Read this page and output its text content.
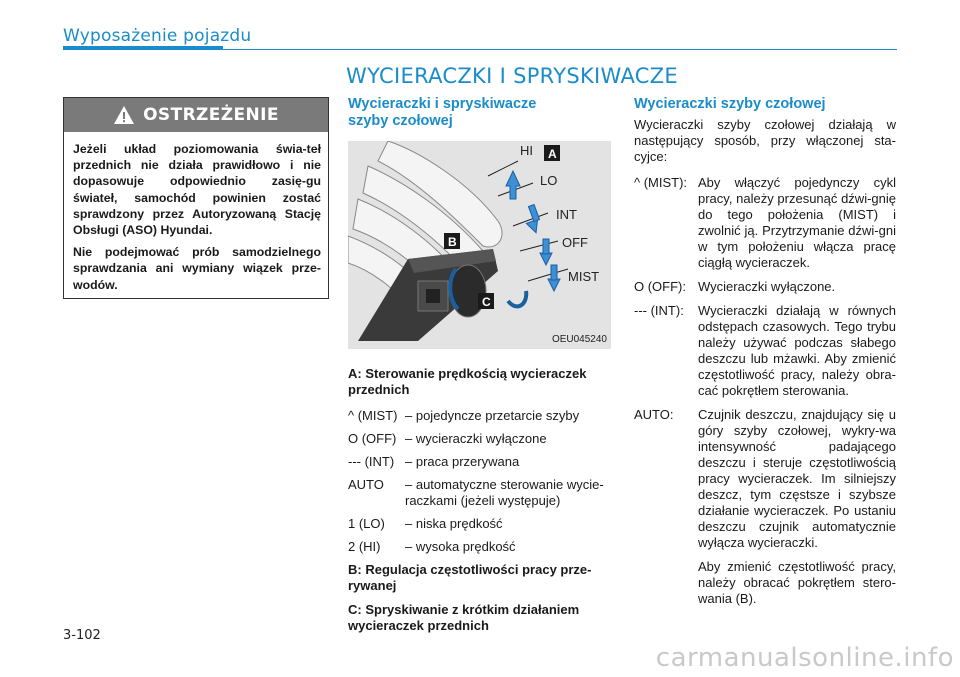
Wyposażenie pojazdu
WYCIERACZKI I SPRYSKIWACZE
OSTRZEŻENIE

Jeżeli układ poziomowania świa-teł przednich nie działa prawidłowo i nie dopasowuje odpowiednio zasię-gu świateł, samochód powinien zostać sprawdzony przez Autoryzowaną Stację Obsługi (ASO) Hyundai.

Nie podejmować prób samodzielnego sprawdzania ani wymiany wiązek prze-wodów.

Wycieraczki i spryskiwacze
szyby czołowej
HI
LO
INT
OFF
MIST
A
B
C
OEU045240
A: Sterowanie prędkością wycieraczek przednich
^ (MIST) – pojedyncze przetarcie szyby
O (OFF) – wycieraczki wyłączone
--- (INT) – praca przerywana
AUTO	– automatyczne sterowanie wycie-raczkami (jeżeli występuje)
1 (LO)	– niska prędkość
2 (HI)	– wysoka prędkość
B: Regulacja częstotliwości pracy prze-rywanej
C: Spryskiwanie z krótkim działaniem wycieraczek przednich
Wycieraczki szyby czołowej

Wycieraczki szyby czołowej działają w następujący sposób, przy włączonej sta-cyjce:

^ (MIST): Aby włączyć pojedynczy cykl pracy, należy przesunąć dźwi-gnię do tego położenia (MIST) i zwolnić ją. Przytrzymanie dźwi-gni w tym położeniu włącza pracę ciągłą wycieraczek.
O (OFF): Wycieraczki wyłączone.
--- (INT):	Wycieraczki działają w równych odstępach czasowych. Tego trybu należy używać podczas słabego deszczu lub mżawki. Aby zmienić częstotliwość pracy, należy obra-cać pokrętłem sterowania.
AUTO:	Czujnik deszczu, znajdujący się u góry szyby czołowej, wykry-wa intensywność padającego deszczu i steruje częstotliwością pracy wycieraczek. Im silniejszy deszcz, tym częstsze i szybsze działanie wycieraczek. Po ustaniu deszczu czujnik automatycznie wyłącza wycieraczki.
Aby zmienić częstotliwość pracy, należy obracać pokrętłem stero-wania (B).
3-102
carmanualsonline.info
